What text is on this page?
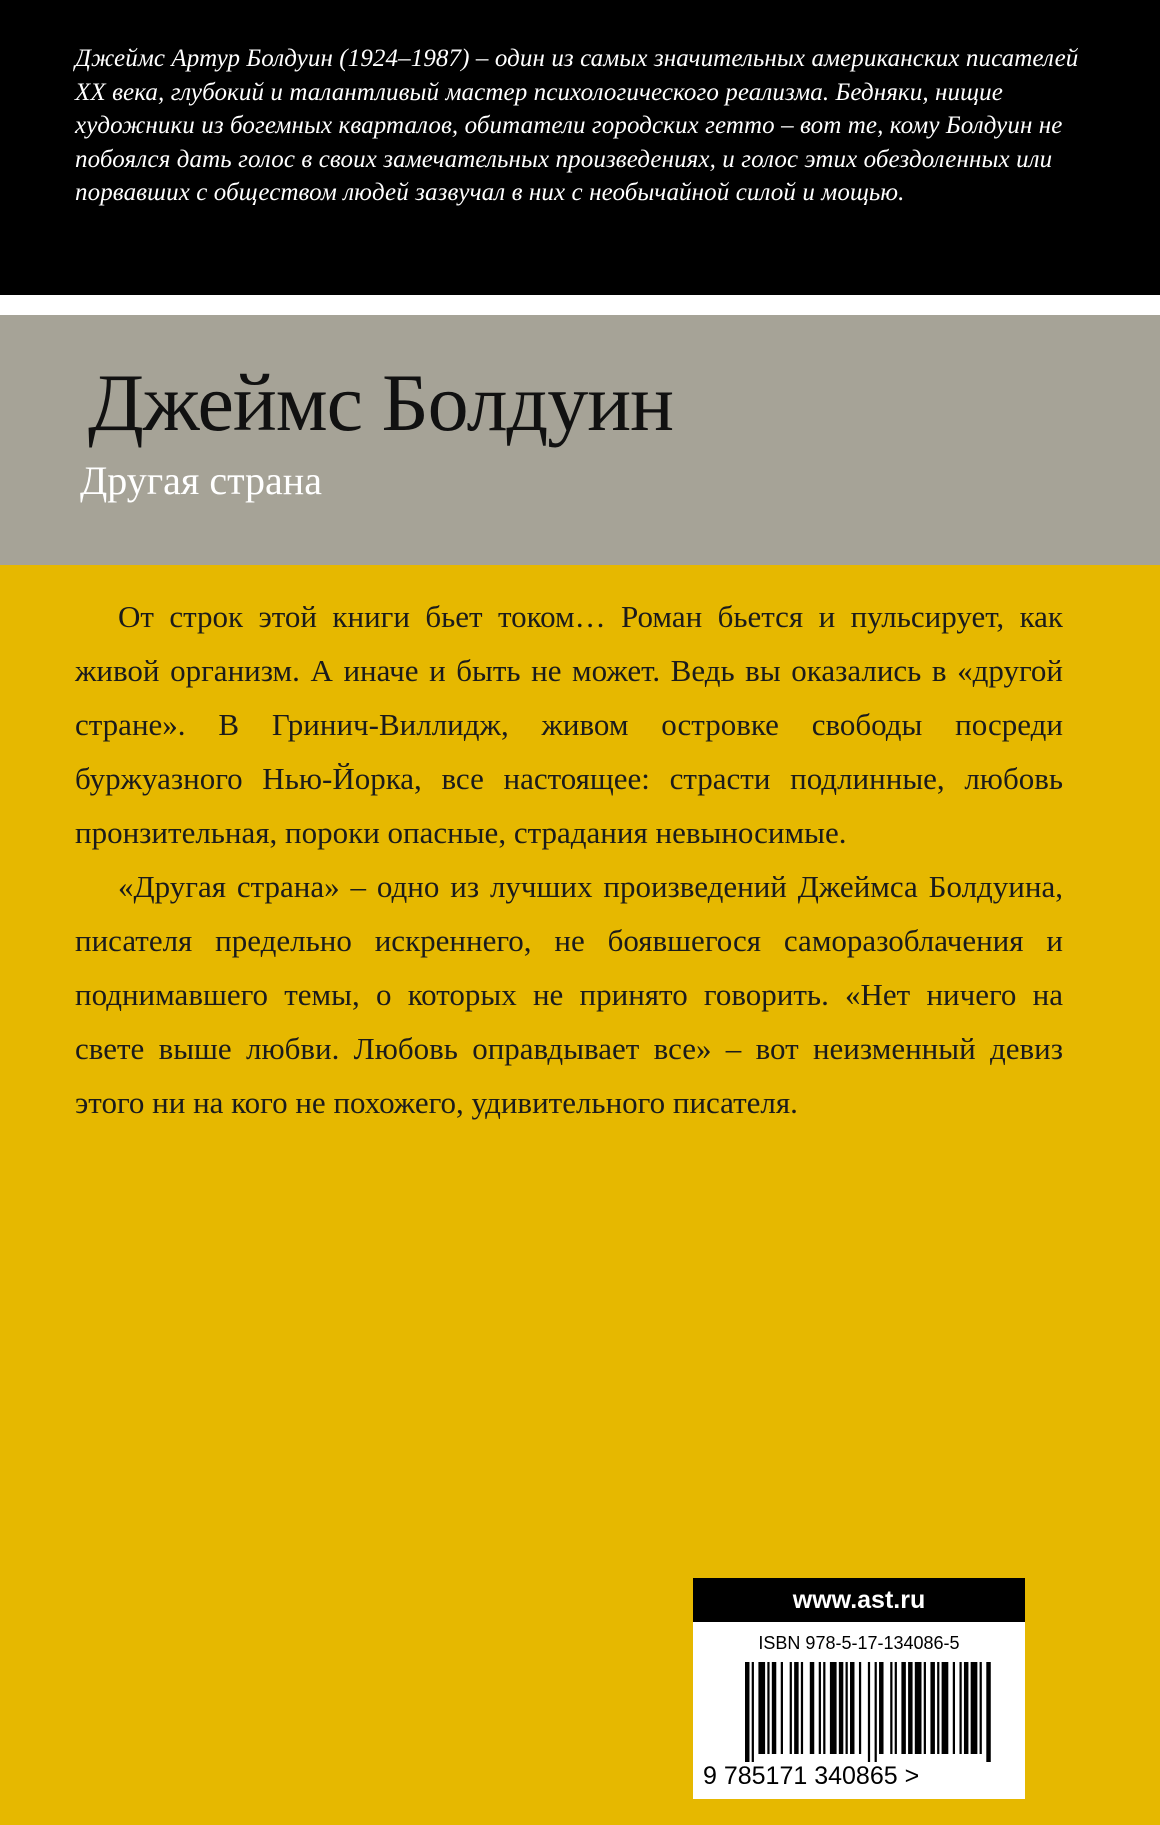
Джеймс Артур Болдуин (1924–1987) – один из самых значительных американских писателей XX века, глубокий и талантливый мастер психологического реализма. Бедняки, нищие художники из богемных кварталов, обитатели городских гетто – вот те, кому Болдуин не побоялся дать голос в своих замечательных произведениях, и голос этих обездоленных или порвавших с обществом людей зазвучал в них с необычайной силой и мощью.

Джеймс Болдуин
Другая страна

От строк этой книги бьет током… Роман бьется и пульсирует, как живой организм. А иначе и быть не может. Ведь вы оказались в «другой стране». В Гринич-Виллидж, живом островке свободы посреди буржуазного Нью-Йорка, все настоящее: страсти подлинные, любовь пронзительная, пороки опасные, страдания невыносимые.

«Другая страна» – одно из лучших произведений Джеймса Болдуина, писателя предельно искреннего, не боявшегося саморазоблачения и поднимавшего темы, о которых не принято говорить. «Нет ничего на свете выше любви. Любовь оправдывает все» – вот неизменный девиз этого ни на кого не похожего, удивительного писателя.

www.ast.ru
ISBN 978-5-17-134086-5
9 785171 340865 >
